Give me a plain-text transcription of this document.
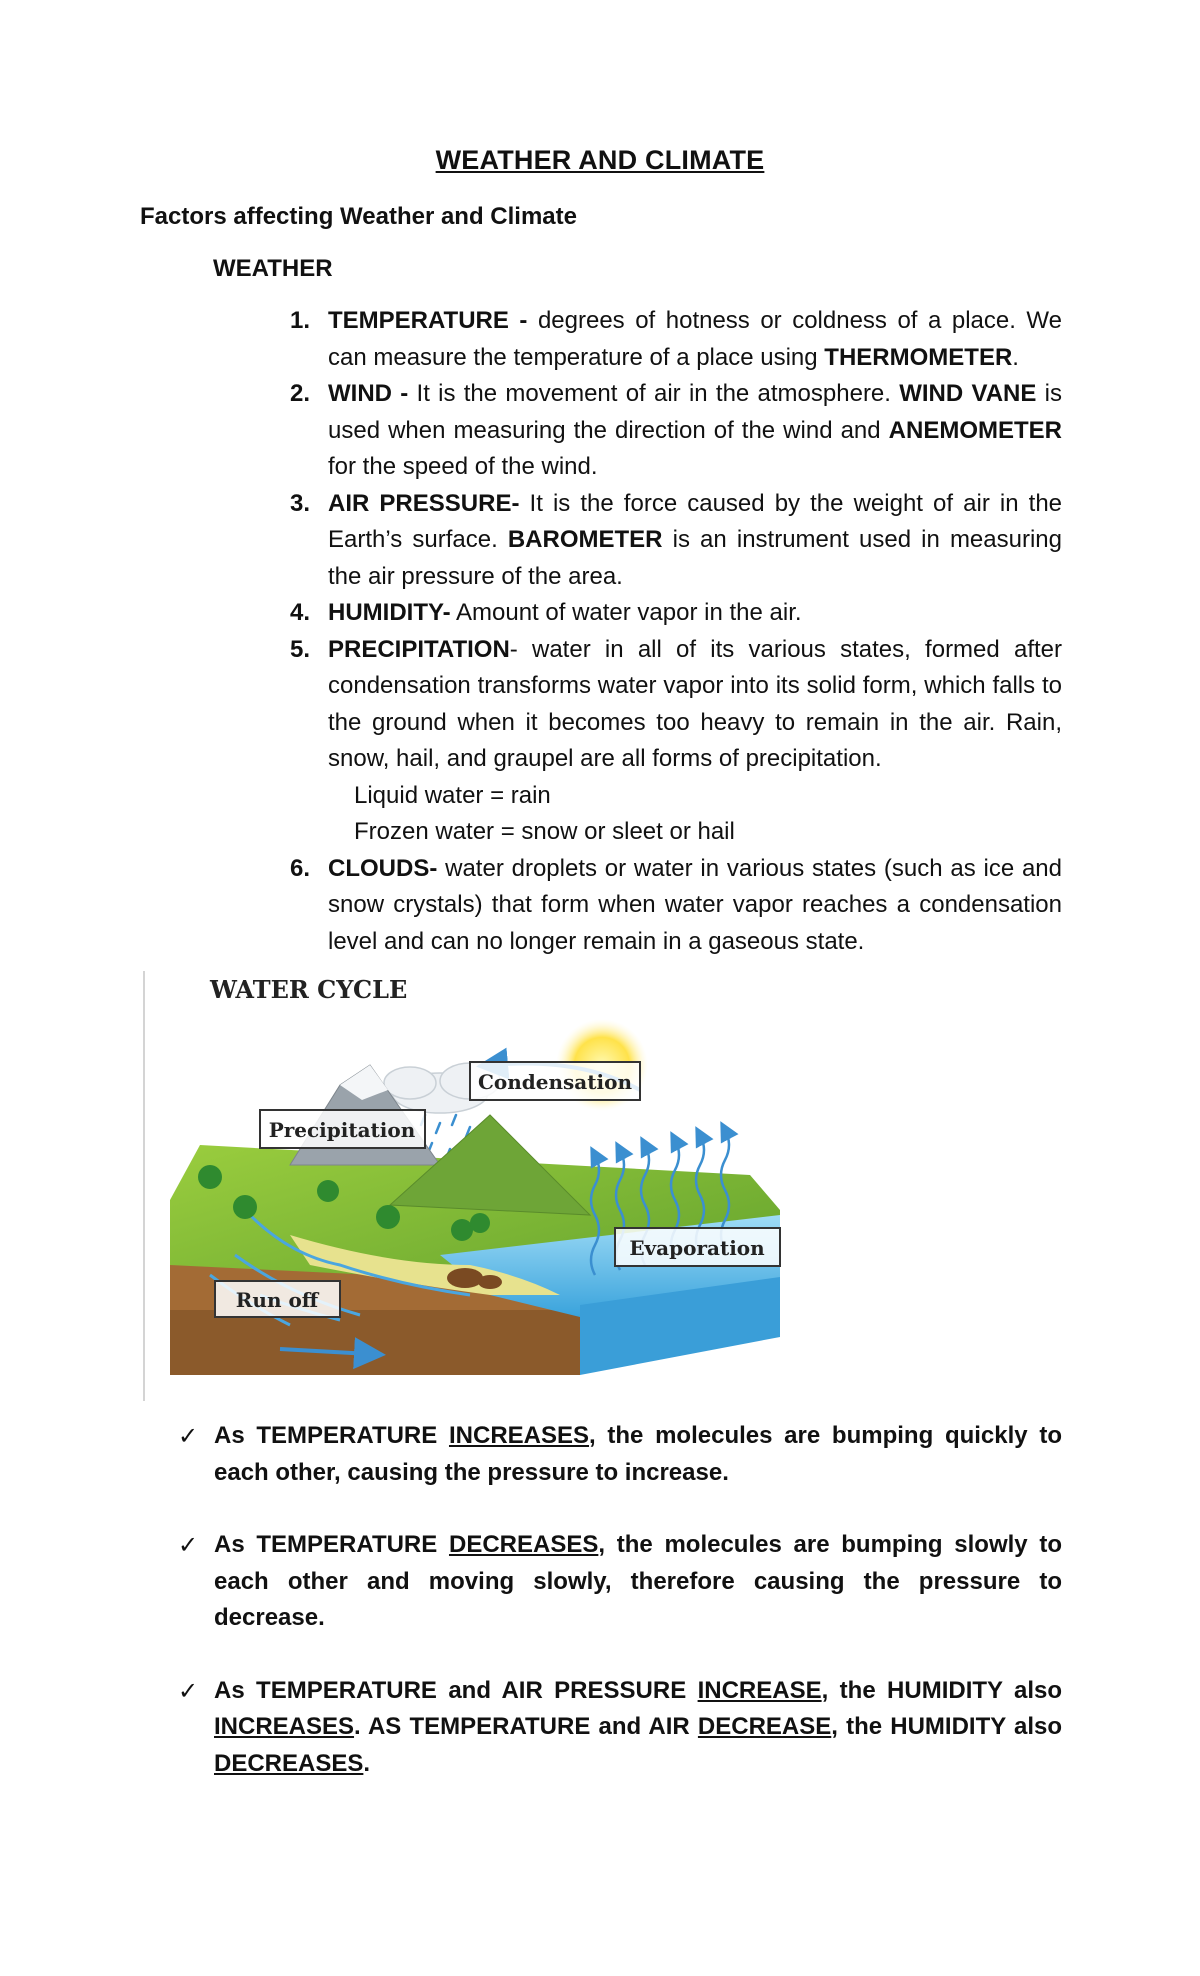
WEATHER AND CLIMATE
Factors affecting Weather and Climate
WEATHER
1. TEMPERATURE - degrees of hotness or coldness of a place. We can measure the temperature of a place using THERMOMETER.
2. WIND - It is the movement of air in the atmosphere. WIND VANE is used when measuring the direction of the wind and ANEMOMETER for the speed of the wind.
3. AIR PRESSURE- It is the force caused by the weight of air in the Earth’s surface. BAROMETER is an instrument used in measuring the air pressure of the area.
4. HUMIDITY- Amount of water vapor in the air.
5. PRECIPITATION- water in all of its various states, formed after condensation transforms water vapor into its solid form, which falls to the ground when it becomes too heavy to remain in the air. Rain, snow, hail, and graupel are all forms of precipitation.
Liquid water = rain
Frozen water = snow or sleet or hail
6. CLOUDS- water droplets or water in various states (such as ice and snow crystals) that form when water vapor reaches a condensation level and can no longer remain in a gaseous state.
WATER CYCLE
Condensation
Precipitation
Evaporation
Run off
✓ As TEMPERATURE INCREASES, the molecules are bumping quickly to each other, causing the pressure to increase.
✓ As TEMPERATURE DECREASES, the molecules are bumping slowly to each other and moving slowly, therefore causing the pressure to decrease.
✓ As TEMPERATURE and AIR PRESSURE INCREASE, the HUMIDITY also INCREASES. AS TEMPERATURE and AIR DECREASE, the HUMIDITY also DECREASES.
